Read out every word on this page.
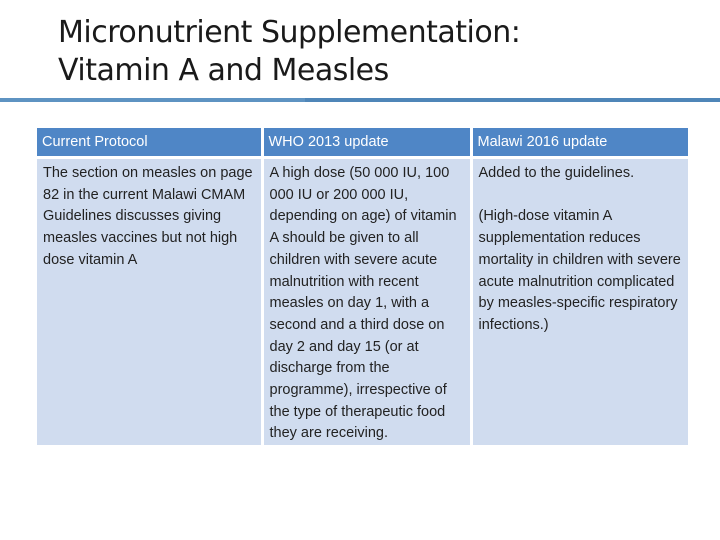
Micronutrient Supplementation:
Vitamin A and Measles
Current Protocol	WHO 2013 update	Malawi 2016 update

The section on measles on page 82 in the current Malawi CMAM Guidelines discusses giving measles vaccines but not high dose vitamin A	A high dose (50 000 IU, 100 000 IU or 200 000 IU, depending on age) of vitamin A should be given to all children with severe acute malnutrition with recent measles on day 1, with a second and a third dose on day 2 and day 15 (or at discharge from the programme), irrespective of the type of therapeutic food they are receiving.	Added to the guidelines.
(High-dose vitamin A supplementation reduces mortality in children with severe acute malnutrition complicated by measles-specific respiratory infections.)
